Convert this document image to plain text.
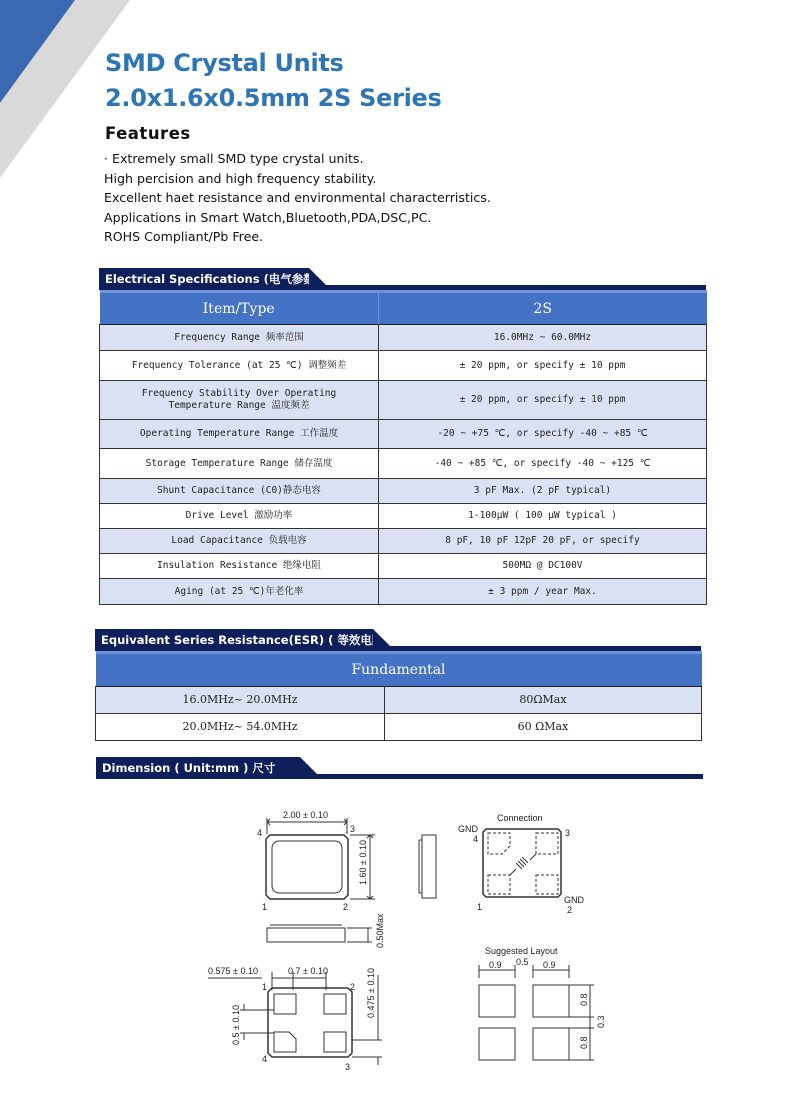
SMD Crystal Units
2.0x1.6x0.5mm 2S Series
Features
· Extremely small SMD type crystal units.
High percision and high frequency stability.
Excellent haet resistance and environmental characterristics.
Applications in Smart Watch,Bluetooth,PDA,DSC,PC.
ROHS Compliant/Pb Free.
Electrical Specifications (电气参数)
Item/Type	2S
Frequency Range 频率范围	16.0MHz ~ 60.0MHz
Frequency Tolerance (at 25 ℃) 调整频差	± 20 ppm, or specify ± 10 ppm

Frequency Stability Over Operating
Temperature Range 温度频差	± 20 ppm, or specify ± 10 ppm
Operating Temperature Range 工作温度	-20 ~ +75 ℃, or specify -40 ~ +85 ℃
Storage Temperature Range 储存温度	-40 ~ +85 ℃, or specify -40 ~ +125 ℃
Shunt Capacitance (C0)静态电容	3 pF Max. (2 pF typical)
Drive Level 激励功率	1-100μW ( 100 μW typical )
Load Capacitance 负载电容	8 pF, 10 pF 12pF 20 pF, or specify
Insulation Resistance 绝缘电阻	500MΩ @ DC100V
Aging (at 25 ℃)年老化率	± 3 ppm / year Max.
Equivalent Series Resistance(ESR) ( 等效电阻 )
Fundamental	
16.0MHz~ 20.0MHz	80ΩMax
20.0MHz~ 54.0MHz	60 ΩMax
Dimension ( Unit:mm ) 尺寸
2.00 ± 0.10
1.60 ± 0.10
4	3
1	2
0.50Max
Connection
GND
4
3
1
GND
2
0.575 ± 0.10	0.7 ± 0.10
0.5 ± 0.10
0.475 ± 0.10
1	2
3
4
Suggested Layout
0.9 0.5 0.9
0.8
0.8
0.3
